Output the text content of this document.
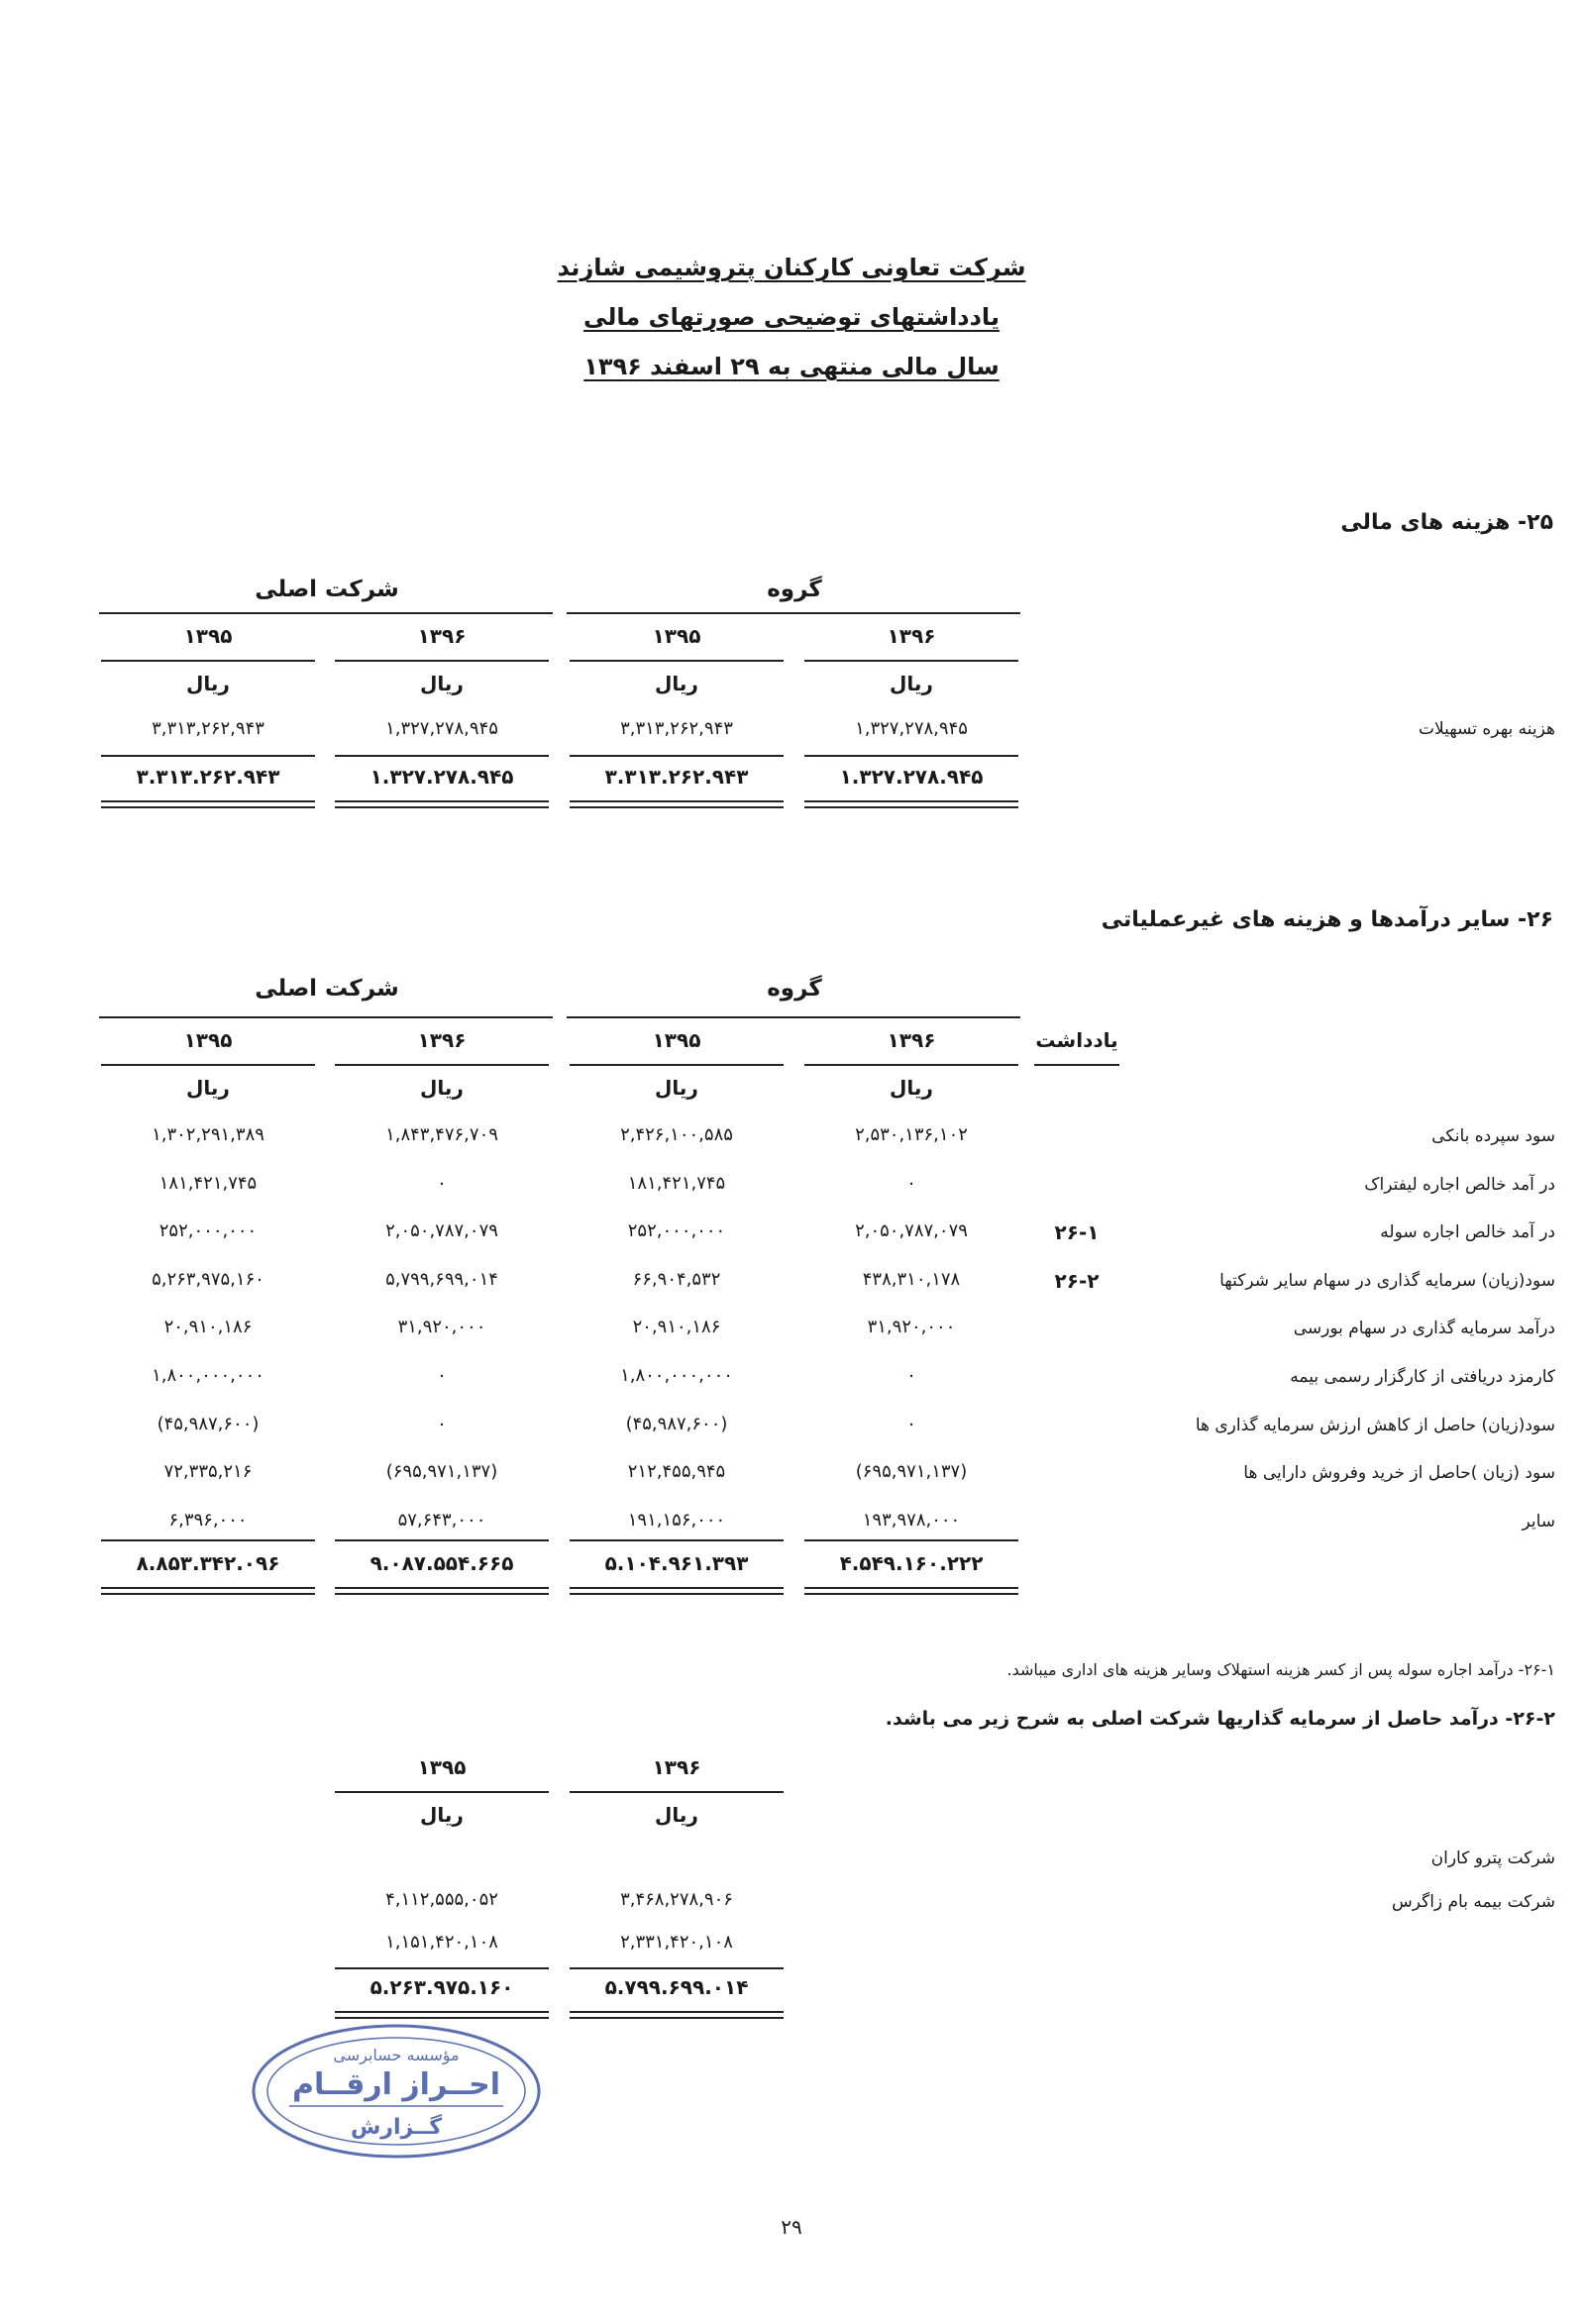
شرکت تعاونی کارکنان پتروشیمی شازند
یادداشتهای توضیحی صورتهای مالی
سال مالی منتهی به ۲۹ اسفند ۱۳۹۶
۲۵- هزینه های مالی
گروه
شرکت اصلی
۱۳۹۶
ریال
۱,۳۲۷,۲۷۸,۹۴۵
۱.۳۲۷.۲۷۸.۹۴۵
۱۳۹۵
ریال
۳,۳۱۳,۲۶۲,۹۴۳
۳.۳۱۳.۲۶۲.۹۴۳
۱۳۹۶
ریال
۱,۳۲۷,۲۷۸,۹۴۵
۱.۳۲۷.۲۷۸.۹۴۵
۱۳۹۵
ریال
۳,۳۱۳,۲۶۲,۹۴۳
۳.۳۱۳.۲۶۲.۹۴۳
هزینه بهره تسهیلات
۲۶- سایر درآمدها و هزینه های غیرعملیاتی
گروه
شرکت اصلی
یادداشت
۱۳۹۶
ریال
۱۳۹۵
ریال
۱۳۹۶
ریال
۱۳۹۵
ریال
سود سپرده بانکی
۲,۵۳۰,۱۳۶,۱۰۲
۲,۴۲۶,۱۰۰,۵۸۵
۱,۸۴۳,۴۷۶,۷۰۹
۱,۳۰۲,۲۹۱,۳۸۹
در آمد خالص اجاره لیفتراک
۰
۱۸۱,۴۲۱,۷۴۵
۰
۱۸۱,۴۲۱,۷۴۵
در آمد خالص اجاره سوله
۲۶-۱
۲,۰۵۰,۷۸۷,۰۷۹
۲۵۲,۰۰۰,۰۰۰
۲,۰۵۰,۷۸۷,۰۷۹
۲۵۲,۰۰۰,۰۰۰
سود(زیان) سرمایه گذاری در سهام سایر شرکتها
۲۶-۲
۴۳۸,۳۱۰,۱۷۸
۶۶,۹۰۴,۵۳۲
۵,۷۹۹,۶۹۹,۰۱۴
۵,۲۶۳,۹۷۵,۱۶۰
درآمد سرمایه گذاری در سهام بورسی
۳۱,۹۲۰,۰۰۰
۲۰,۹۱۰,۱۸۶
۳۱,۹۲۰,۰۰۰
۲۰,۹۱۰,۱۸۶
کارمزد دریافتی از کارگزار رسمی بیمه
۰
۱,۸۰۰,۰۰۰,۰۰۰
۰
۱,۸۰۰,۰۰۰,۰۰۰
سود(زیان) حاصل از کاهش ارزش سرمایه گذاری ها
۰
(۴۵,۹۸۷,۶۰۰)
۰
(۴۵,۹۸۷,۶۰۰)
سود (زیان )حاصل از خرید وفروش دارایی ها
(۶۹۵,۹۷۱,۱۳۷)
۲۱۲,۴۵۵,۹۴۵
(۶۹۵,۹۷۱,۱۳۷)
۷۲,۳۳۵,۲۱۶
سایر
۱۹۳,۹۷۸,۰۰۰
۱۹۱,۱۵۶,۰۰۰
۵۷,۶۴۳,۰۰۰
۶,۳۹۶,۰۰۰
۴.۵۴۹.۱۶۰.۲۲۲
۵.۱۰۴.۹۶۱.۳۹۳
۹.۰۸۷.۵۵۴.۶۶۵
۸.۸۵۳.۳۴۲.۰۹۶
۲۶-۱- درآمد اجاره سوله پس از کسر هزینه استهلاک وسایر هزینه های اداری میباشد.
۲۶-۲- درآمد حاصل از سرمایه گذاریها شرکت اصلی به شرح زیر می باشد.
۱۳۹۶
ریال
۱۳۹۵
ریال
شرکت پترو کاران
۳,۴۶۸,۲۷۸,۹۰۶
۴,۱۱۲,۵۵۵,۰۵۲	شرکت بیمه بام زاگرس
۲,۳۳۱,۴۲۰,۱۰۸
۱,۱۵۱,۴۲۰,۱۰۸
۵.۷۹۹.۶۹۹.۰۱۴
۵.۲۶۳.۹۷۵.۱۶۰
مؤسسه حسابرسی
احــراز ارقــام
گــزارش
۲۹
